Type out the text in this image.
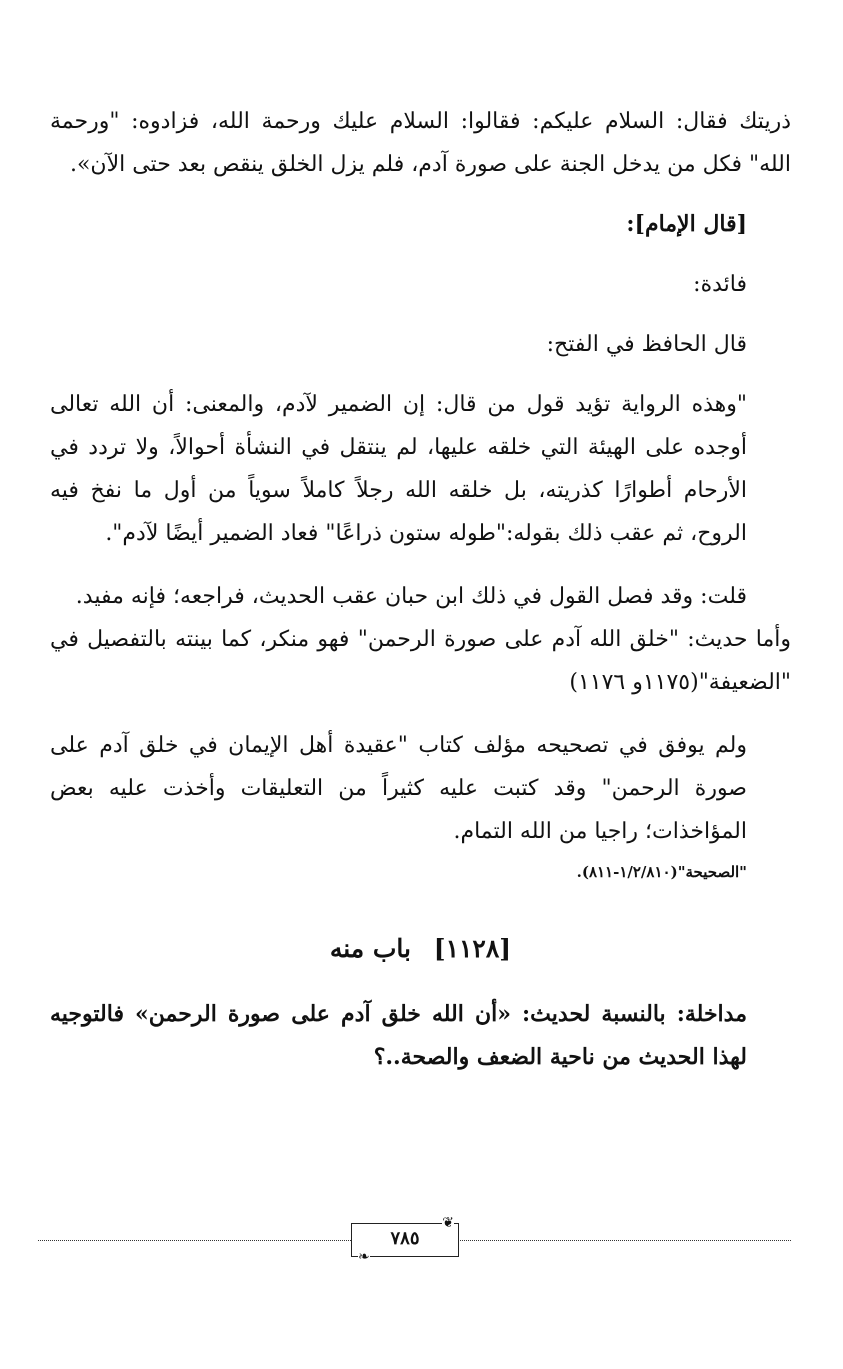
ذريتك فقال: السلام عليكم: فقالوا: السلام عليك ورحمة الله، فزادوه: "ورحمة الله" فكل من يدخل الجنة على صورة آدم، فلم يزل الخلق ينقص بعد حتى الآن».

[قال الإمام]:

فائدة:

قال الحافظ في الفتح:

"وهذه الرواية تؤيد قول من قال: إن الضمير لآدم، والمعنى: أن الله تعالى أوجده على الهيئة التي خلقه عليها، لم ينتقل في النشأة أحوالاً، ولا تردد في الأرحام أطوارًا كذريته، بل خلقه الله رجلاً كاملاً سوياً من أول ما نفخ فيه الروح، ثم عقب ذلك بقوله:"طوله ستون ذراعًا" فعاد الضمير أيضًا لآدم".

قلت: وقد فصل القول في ذلك ابن حبان عقب الحديث، فراجعه؛ فإنه مفيد.

وأما حديث: "خلق الله آدم على صورة الرحمن" فهو منكر، كما بينته بالتفصيل في "الضعيفة"(١١٧٥و ١١٧٦)

ولم يوفق في تصحيحه مؤلف كتاب "عقيدة أهل الإيمان في خلق آدم على صورة الرحمن" وقد كتبت عليه كثيراً من التعليقات وأخذت عليه بعض المؤاخذات؛ راجيا من الله التمام.

"الصحيحة"(١/٢/٨١٠-٨١١).

[١١٢٨] باب منه

مداخلة: بالنسبة لحديث: «أن الله خلق آدم على صورة الرحمن» فالتوجيه لهذا الحديث من ناحية الضعف والصحة..؟

❦
٧٨٥
❧
